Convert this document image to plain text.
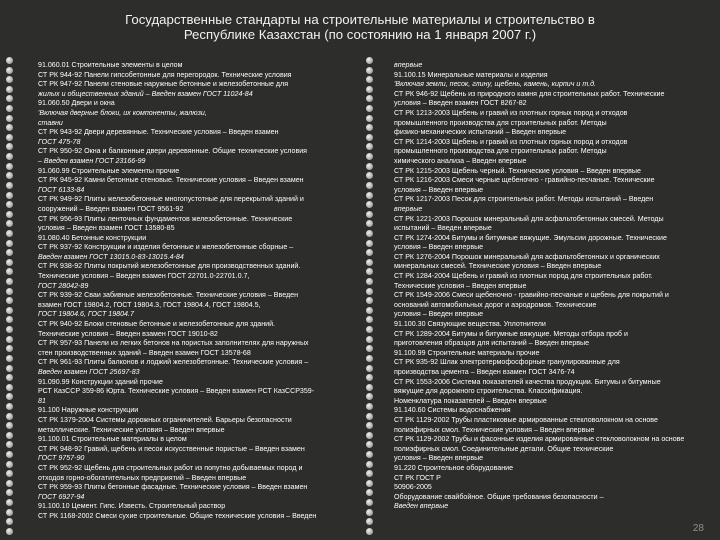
Государственные стандарты на строительные материалы и строительство в
Республике Казахстан (по состоянию на 1 января 2007 г.)
91.060.01 Строительные элементы в целом
СТ РК 944-92 Панели гипсобетонные для перегородок. Технические условия
СТ РК 947-92 Панели стеновые наружные бетонные и железобетонные для
жилых и общественных зданий – Введен взамен ГОСТ 11024-84
91.060.50 Двери и окна
'Включая дверные блоки, их компоненты, жалюзи,
ставни
СТ РК 943-92 Двери деревянные. Технические условия – Введен взамен
ГОСТ 475-78
СТ РК 950-92 Окна и балконные двери деревянные. Общие технические условия
– Введен взамен ГОСТ 23166-99
91.060.99 Строительные элементы прочие
СТ РК 945-92 Камни бетонные стеновые. Технические условия – Введен взамен
ГОСТ 6133-84
СТ РК 949-92 Плиты железобетонные многопустотные для перекрытий зданий и
сооружений – Введен взамен ГОСТ 9561-92
СТ РК 956-93 Плиты ленточных фундаментов железобетонные. Технические
условия – Введен взамен ГОСТ 13580-85
91.080.40 Бетонные конструкции
СТ РК 937-92 Конструкции и изделия бетонные и железобетонные сборные –
Введен взамен ГОСТ 13015.0-83-13015.4-84
СТ РК 938-92 Плиты покрытий железобетонные для производственных зданий.
Технические условия – Введен взамен ГОСТ 22701.0-22701.0.7,
ГОСТ 28042-89
СТ РК 939-92 Сваи забивные железобетонные. Технические условия – Введен
взамен ГОСТ 19804.2, ГОСТ 19804.3, ГОСТ 19804.4, ГОСТ 19804.5,
ГОСТ 19804.6, ГОСТ 19804.7
СТ РК 940-92 Блоки стеновые бетонные и железобетонные для зданий.
Технические условия – Введен взамен ГОСТ 19010-82
СТ РК 957-93 Панели из легких бетонов на пористых заполнителях для наружных
стен производственных зданий – Введен взамен ГОСТ 13578-68
СТ РК 961-93 Плиты балконов и лоджий железобетонные. Технические условия –
Введен взамен ГОСТ 25697-83
91.090.99 Конструкции зданий прочие
РСТ КазССР 359-86 Юрта. Технические условия – Введен взамен РСТ КазССР359-
81
91.100 Наружные конструкции
СТ РК 1379-2004 Системы дорожных ограничителей. Барьеры безопасности
металлические. Технические условия – Введен впервые
91.100.01 Строительные материалы в целом
СТ РК 948-92 Гравий, щебень и песок искусственные пористые – Введен взамен
ГОСТ 9757-90
СТ РК 952-92 Щебень для строительных работ из попутно добываемых пород и
отходов горно-обогатительных предприятий – Введен впервые
СТ РК 959-93 Плиты бетонные фасадные. Технические условия – Введен взамен
ГОСТ 6927-94
91.100.10 Цемент. Гипс. Известь. Строительный раствор
СТ РК 1168-2002 Смеси сухие строительные. Общие технические условия – Введен
впервые
91.100.15 Минеральные материалы и изделия
'Включая земли, песок, глину, щебень, камень, кирпич и т.д.
СТ РК 946-92 Щебень из природного камня для строительных работ. Технические
условия – Введен взамен ГОСТ 8267-82
СТ РК 1213-2003 Щебень и гравий из плотных горных пород и отходов
промышленного производства для строительных работ. Методы
физико-механических испытаний – Введен впервые
СТ РК 1214-2003 Щебень и гравий из плотных горных пород и отходов
промышленного производства для строительных работ. Методы
химического анализа – Введен впервые
СТ РК 1215-2003 Щебень черный. Технические условия – Введен впервые
СТ РК 1216-2003 Смеси черные щебеночно - гравийно-песчаные. Технические
условия – Введен впервые
СТ РК 1217-2003 Песок для строительных работ. Методы испытаний – Введен
впервые
СТ РК 1221-2003 Порошок минеральный для асфальтобетонных смесей. Методы
испытаний – Введен впервые
СТ РК 1274-2004 Битумы и битумные вяжущие. Эмульсии дорожные. Технические
условия – Введен впервые
СТ РК 1276-2004 Порошок минеральный для асфальтобетонных и органических
минеральных смесей. Технические условия – Введен впервые
СТ РК 1284-2004 Щебень и гравий из плотных пород для строительных работ.
Технические условия – Введен впервые
СТ РК 1549-2006 Смеси щебеночно - гравийно-песчаные и щебень для покрытий и
оснований автомобильных дорог и аэродромов. Технические
условия – Введен впервые
91.100.30 Связующие вещества. Уплотнители
СТ РК 1289-2004 Битумы и битумные вяжущие. Методы отбора проб и
приготовления образцов для испытаний – Введен впервые
91.100.99 Строительные материалы прочие
СТ РК 935-92 Шлак электротермофосфорные гранулированные для
производства цемента – Введен взамен ГОСТ 3476-74
СТ РК 1553-2006 Система показателей качества продукции. Битумы и битумные
вяжущие для дорожного строительства. Классификация.
Номенклатура показателей – Введен впервые
91.140.60 Системы водоснабжения
СТ РК 1129-2002 Трубы пластиковые армированные стекловолокном на основе
полиэфирных смол. Технические условия – Введен впервые
СТ РК 1129-2002 Трубы и фасонные изделия армированные стекловолокном на основе
полиэфирных смол. Соединительные детали. Общие технические
условия – Введен впервые
91.220 Строительное оборудование
СТ РК ГОСТ Р
50906-2005
Оборудование свайбойное. Общие требования безопасности –
Введен впервые
28
